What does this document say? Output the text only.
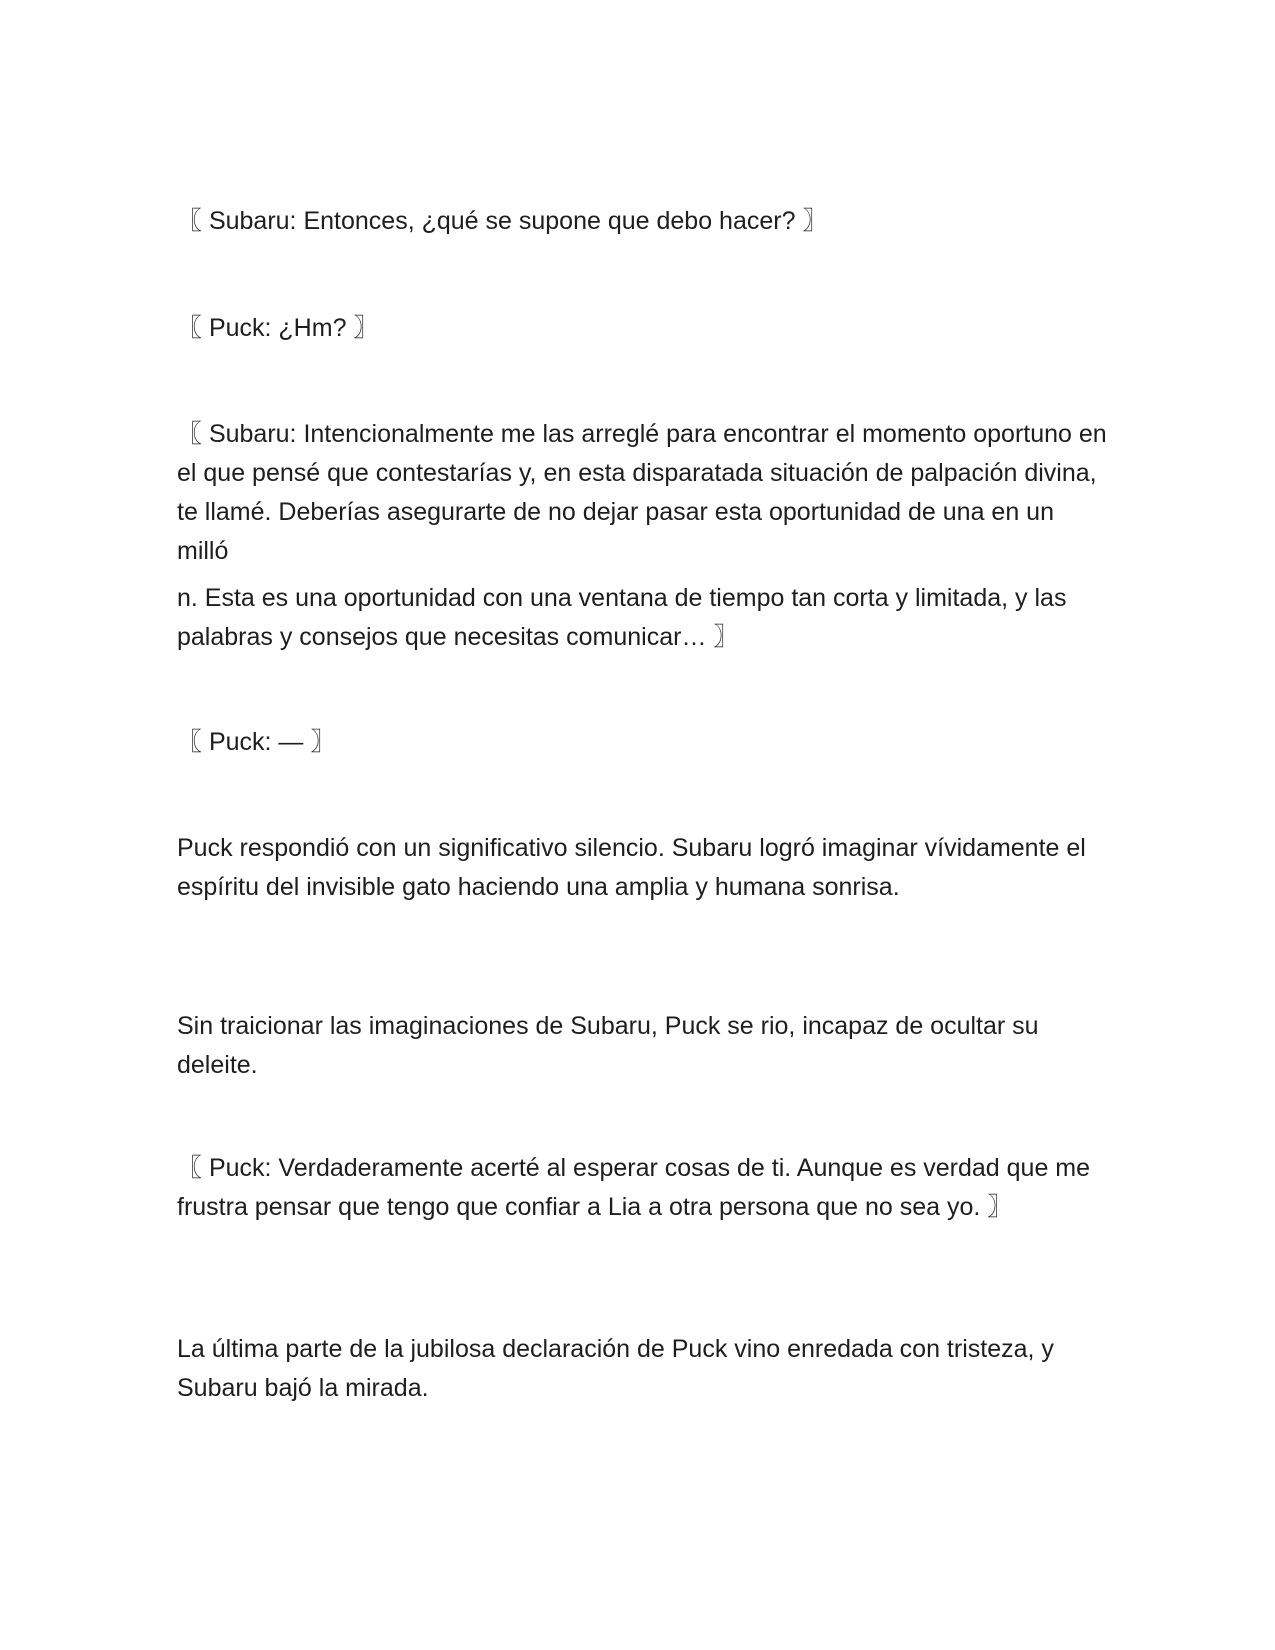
〖 Subaru: Entonces, ¿qué se supone que debo hacer? 〗

〖 Puck: ¿Hm? 〗

〖 Subaru: Intencionalmente me las arreglé para encontrar el momento oportuno en el que pensé que contestarías y, en esta disparatada situación de palpación divina, te llamé. Deberías asegurarte de no dejar pasar esta oportunidad de una en un milló

n. Esta es una oportunidad con una ventana de tiempo tan corta y limitada, y las palabras y consejos que necesitas comunicar… 〗

〖 Puck: — 〗

Puck respondió con un significativo silencio. Subaru logró imaginar vívidamente el espíritu del invisible gato haciendo una amplia y humana sonrisa.

Sin traicionar las imaginaciones de Subaru, Puck se rio, incapaz de ocultar su deleite.

〖 Puck: Verdaderamente acerté al esperar cosas de ti. Aunque es verdad que me frustra pensar que tengo que confiar a Lia a otra persona que no sea yo. 〗

La última parte de la jubilosa declaración de Puck vino enredada con tristeza, y Subaru bajó la mirada.
